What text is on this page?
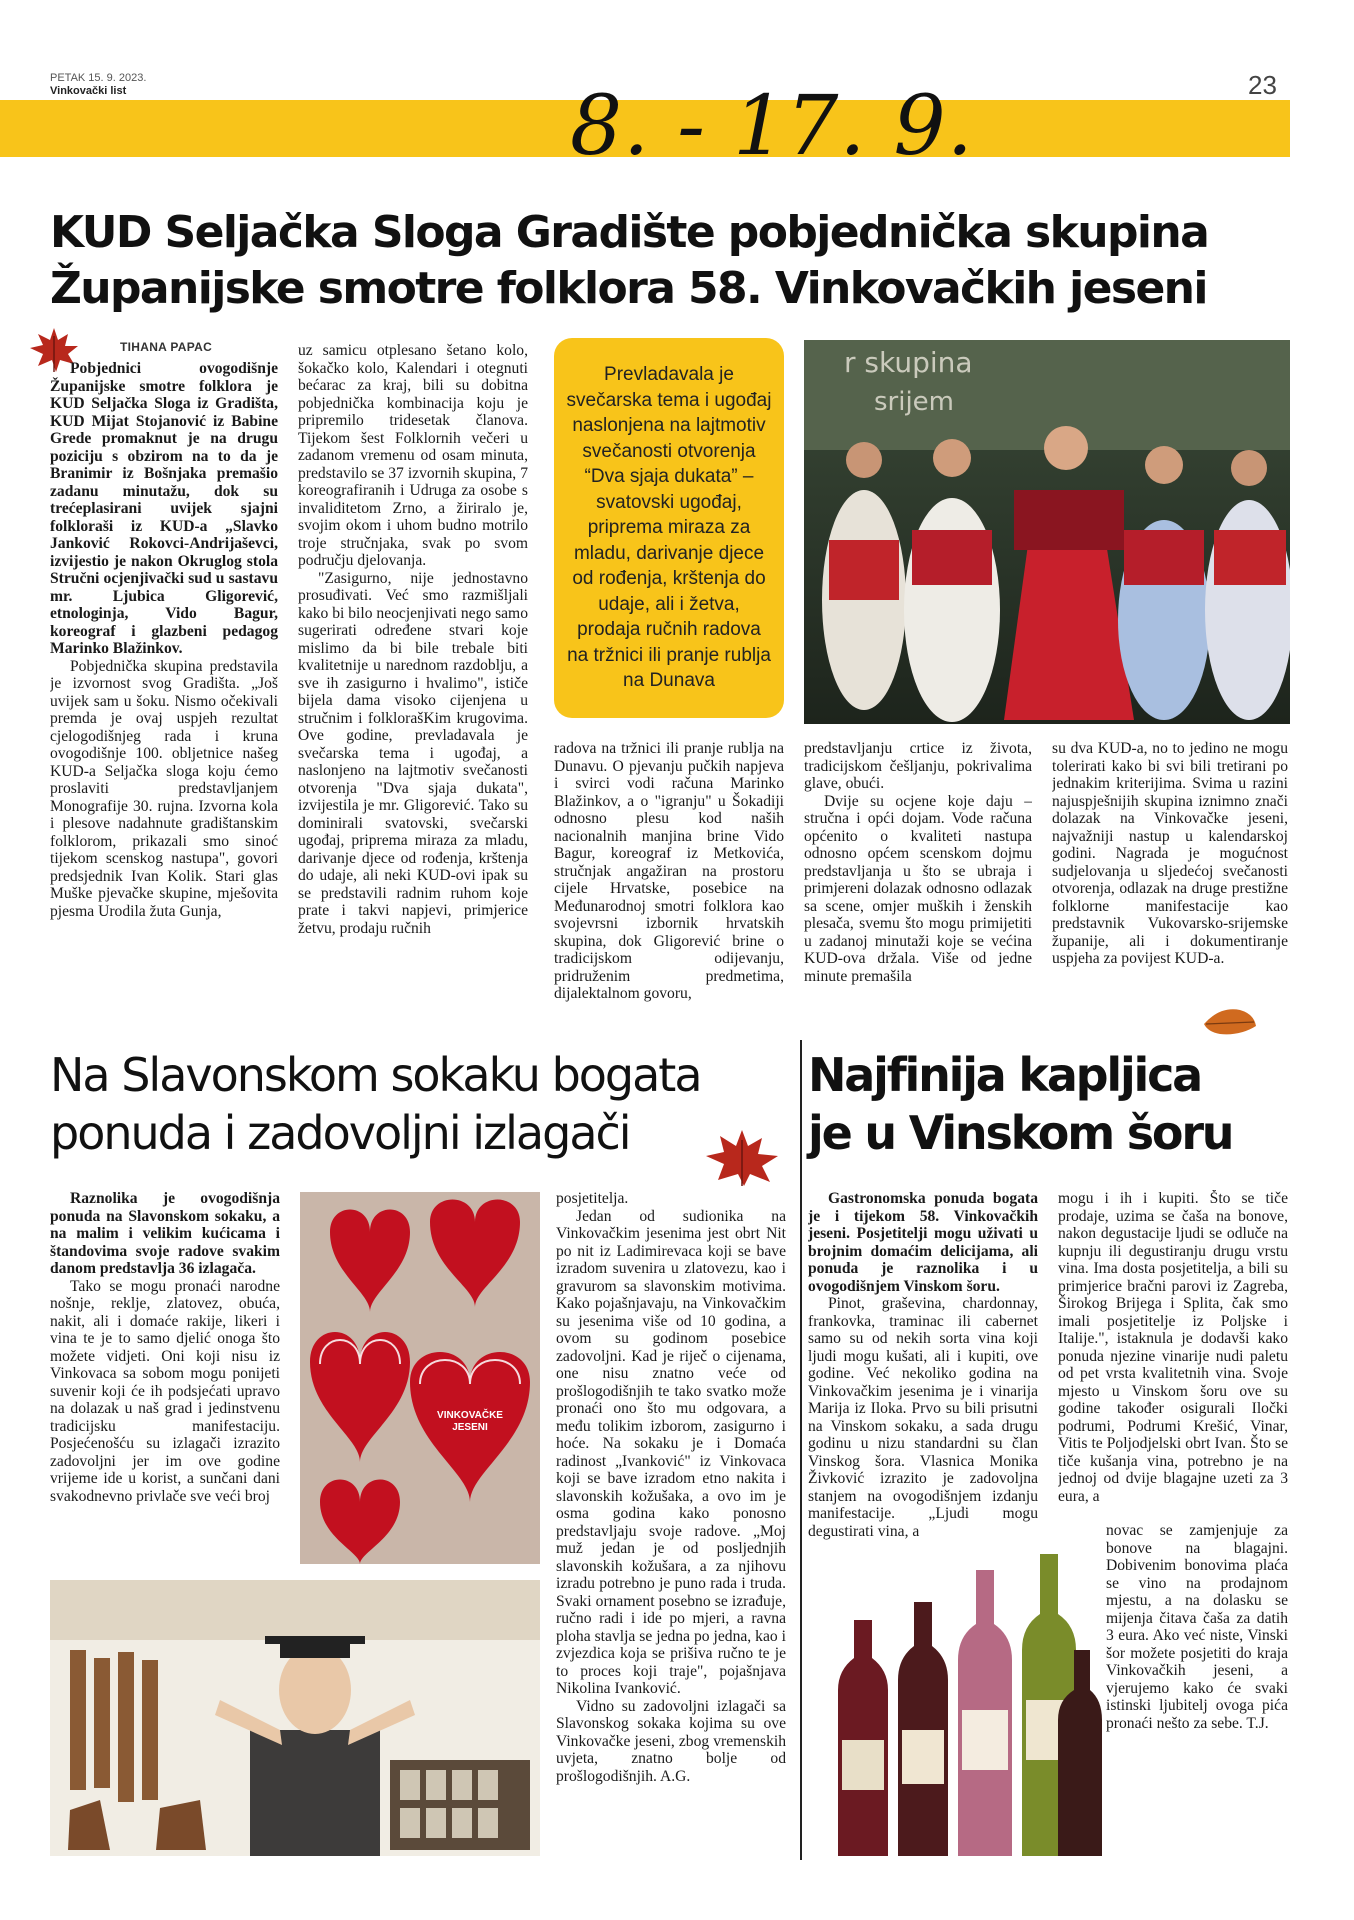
PETAK 15. 9. 2023.
Vinkovački list	23
8. - 17. 9.
KUD Seljačka Sloga Gradište pobjednička skupina
Županijske smotre folklora 58. Vinkovačkih jeseni
TIHANA PAPAC

Pobjednici ovogodišnje Županijske smotre folklora je KUD Seljačka Sloga iz Gradišta, KUD Mijat Stojanović iz Babine Grede promaknut je na drugu poziciju s obzirom na to da je Branimir iz Bošnjaka premašio zadanu minutažu, dok su trećeplasirani uvijek sjajni folkloraši iz KUD-a „Slavko Janković Rokovci-Andrijaševci, izvijestio je nakon Okruglog stola Stručni ocjenjivački sud u sastavu mr. Ljubica Gligorević, etnologinja, Vido Bagur, koreograf i glazbeni pedagog Marinko Blažinkov.

Pobjednička skupina predstavila je izvornost svog Gradišta. „Još uvijek sam u šoku. Nismo očekivali premda je ovaj uspjeh rezultat cjelogodišnjeg rada i kruna ovogodišnje 100. obljetnice našeg KUD-a Seljačka sloga koju ćemo proslaviti predstavljanjem Monografije 30. rujna. Izvorna kola i plesove nadahnute gradištanskim folklorom, prikazali smo sinoć tijekom scenskog nastupa", govori predsjednik Ivan Kolik. Stari glas Muške pjevačke skupine, mješovita pjesma Urodila žuta Gunja,

uz samicu otplesano šetano kolo, šokačko kolo, Kalendari i otegnuti bećarac za kraj, bili su dobitna pobjednička kombinacija koju je pripremilo tridesetak članova. Tijekom šest Folklornih večeri u zadanom vremenu od osam minuta, predstavilo se 37 izvornih skupina, 7 koreografiranih i Udruga za osobe s invaliditetom Zrno, a žiriralo je, svojim okom i uhom budno motrilo troje stručnjaka, svak po svom području djelovanja.

"Zasigurno, nije jednostavno prosuđivati. Već smo razmišljali kako bi bilo neocjenjivati nego samo sugerirati određene stvari koje mislimo da bi bile trebale biti kvalitetnije u narednom razdoblju, a sve ih zasigurno i hvalimo", ističe bijela dama visoko cijenjena u stručnim i folklorašKim krugovima. Ove godine, prevladavala je svečarska tema i ugođaj, a naslonjeno na lajtmotiv svečanosti otvorenja "Dva sjaja dukata", izvijestila je mr. Gligorević. Tako su dominirali svatovski, svečarski ugođaj, pripremа miraza za mladu, darivanje djece od rođenja, krštenja do udaje, ali neki KUD-ovi ipak su se predstavili radnim ruhom koje prate i takvi napjevi, primjerice žetvu, prodaju ručnih

Prevladavala je svečarska tema i ugođaj naslonjena na lajtmotiv svečanosti otvorenja “Dva sjaja dukata” – svatovski ugođaj, priprema miraza za mladu, darivanje djece od rođenja, krštenja do udaje, ali i žetva, prodaja ručnih radova na tržnici ili pranje rublja na Dunava
r skupina
srijem

radova na tržnici ili pranje rublja na Dunavu. O pjevanju pučkih napjeva i svirci vodi računa Marinko Blažinkov, a o "igranju" u Šokadiji odnosno plesu kod naših nacionalnih manjina brine Vido Bagur, koreograf iz Metkovića, stručnjak angažiran na prostoru cijele Hrvatske, posebice na Međunarodnoj smotri folklora kao svojevrsni izbornik hrvatskih skupina, dok Gligorević brine o tradicijskom odijevanju, pridruženim predmetima, dijalektalnom govoru,

predstavljanju crtice iz života, tradicijskom češljanju, pokrivalima glave, obući.

Dvije su ocjene koje daju – stručna i opći dojam. Vode računa općenito o kvaliteti nastupa odnosno općem scenskom dojmu predstavljanja u što se ubraja i primjereni dolazak odnosno odlazak sa scene, omjer muških i ženskih plesača, svemu što mogu primijetiti u zadanoj minutaži koje se većina KUD-ova držala. Više od jedne minute premašila

su dva KUD-a, no to jedino ne mogu tolerirati kako bi svi bili tretirani po jednakim kriterijima. Svima u razini najuspješnijih skupina iznimno znači dolazak na Vinkovačke jeseni, najvažniji nastup u kalendarskoj godini. Nagrada je mogućnost sudjelovanja u sljedećoj svečanosti otvorenja, odlazak na druge prestižne folklorne manifestacije kao predstavnik Vukovarsko-srijemske županije, ali i dokumentiranje uspjeha za povijest KUD-a.

Na Slavonskom sokaku bogata
ponuda i zadovoljni izlagači

Raznolika je ovogodišnja ponuda na Slavonskom sokaku, a na malim i velikim kućicama i štandovima svoje radove svakim danom predstavlja 36 izlagača.

Tako se mogu pronaći narodne nošnje, reklje, zlatovez, obuća, nakit, ali i domaće rakije, likeri i vina te je to samo djelić onoga što možete vidjeti. Oni koji nisu iz Vinkovaca sa sobom mogu ponijeti suvenir koji će ih podsjećati upravo na dolazak u naš grad i jedinstvenu tradicijsku manifestaciju. Posjećenošću su izlagači izrazito zadovoljni jer im ove godine vrijeme ide u korist, a sunčani dani svakodnevno privlače sve veći broj

VINKOVAČKE JESENI

posjetitelja.

Jedan od sudionika na Vinkovačkim jesenima jest obrt Nit po nit iz Ladimirevaca koji se bave izradom suvenira u zlatovezu, kao i gravurom sa slavonskim motivima. Kako pojašnjavaju, na Vinkovačkim su jesenima više od 10 godina, a ovom su godinom posebice zadovoljni. Kad je riječ o cijenama, one nisu znatno veće od prošlogodišnjih te tako svatko može pronaći ono što mu odgovara, a među tolikim izborom, zasigurno i hoće. Na sokaku je i Domaća radinost „Ivanković" iz Vinkovaca koji se bave izradom etno nakita i slavonskih kožušaka, a ovo im je osma godina kako ponosno predstavljaju svoje radove. „Moj muž jedan je od posljednjih slavonskih kožušara, a za njihovu izradu potrebno je puno rada i truda. Svaki ornament posebno se izrađuje, ručno radi i ide po mjeri, a ravna ploha stavlja se jedna po jedna, kao i zvjezdica koja se prišiva ručno te je to proces koji traje", pojašnjava Nikolina Ivanković.

Vidno su zadovoljni izlagači sa Slavonskog sokaka kojima su ove Vinkovačke jeseni, zbog vremenskih uvjeta, znatno bolje od prošlogodišnjih. A.G.

Najfinija kapljica
je u Vinskom šoru

Gastronomska ponuda bogata je i tijekom 58. Vinkovačkih jeseni. Posjetitelji mogu uživati u brojnim domaćim delicijama, ali ponuda je raznolika i u ovogodišnjem Vinskom šoru.

Pinot, graševina, chardonnay, frankovka, traminac ili cabernet samo su od nekih sorta vina koji ljudi mogu kušati, ali i kupiti, ove godine. Već nekoliko godina na Vinkovačkim jesenima je i vinarija Marija iz Iloka. Prvo su bili prisutni na Vinskom sokaku, a sada drugu godinu u nizu standardni su član Vinskog šora. Vlasnica Monika Živković izrazito je zadovoljna stanjem na ovogodišnjem izdanju manifestacije. „Ljudi mogu degustirati vina, a

mogu i ih i kupiti. Što se tiče prodaje, uzima se čaša na bonove, nakon degustacije ljudi se odluče na kupnju ili degustiranju drugu vrstu vina. Ima dosta posjetitelja, a bili su primjerice bračni parovi iz Zagreba, Širokog Brijega i Splita, čak smo imali posjetitelje iz Poljske i Italije.", istaknula je dodavši kako ponuda njezine vinarije nudi paletu od pet vrsta kvalitetnih vina. Svoje mjesto u Vinskom šoru ove su godine također osigurali Iločki podrumi, Podrumi Krešić, Vinar, Vitis te Poljodjelski obrt Ivan. Što se tiče kušanja vina, potrebno je na jednoj od dvije blagajne uzeti za 3 eura, a

novac se zamjenjuje za bonove na blagajni. Dobivenim bonovima plaća se vino na prodajnom mjestu, a na dolasku se mijenja čitava čaša za datih 3 eura. Ako već niste, Vinski šor možete posjetiti do kraja Vinkovačkih jeseni, a vjerujemo kako će svaki istinski ljubitelj ovoga pića pronaći nešto za sebe. T.J.
